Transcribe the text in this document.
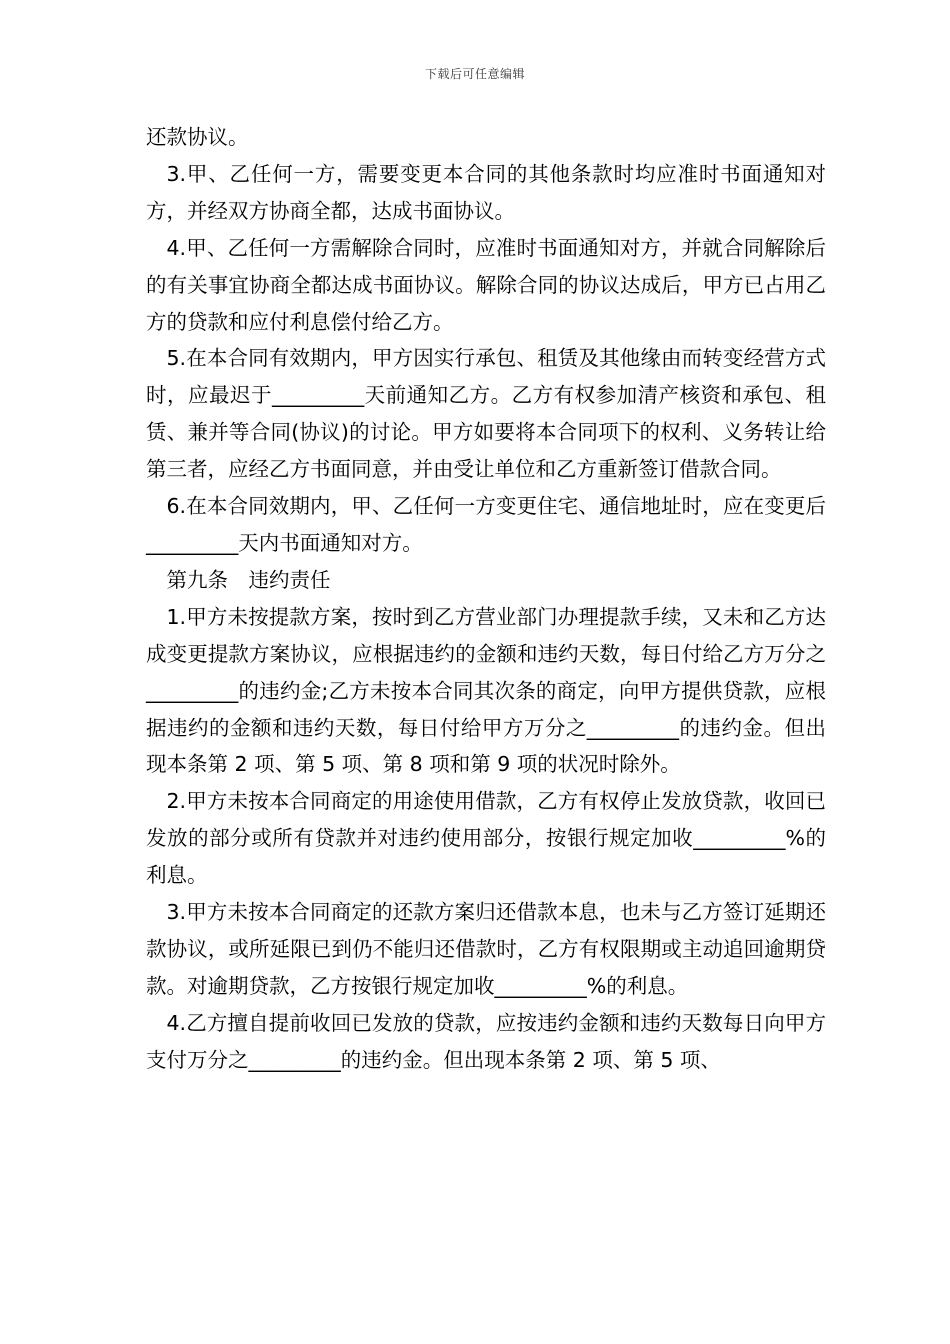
下载后可任意编辑

还款协议。

3.甲、乙任何一方，需要变更本合同的其他条款时均应准时书面通知对方，并经双方协商全都，达成书面协议。

4.甲、乙任何一方需解除合同时，应准时书面通知对方，并就合同解除后的有关事宜协商全都达成书面协议。解除合同的协议达成后，甲方已占用乙方的贷款和应付利息偿付给乙方。

5.在本合同有效期内，甲方因实行承包、租赁及其他缘由而转变经营方式时，应最迟于_________天前通知乙方。乙方有权参加清产核资和承包、租赁、兼并等合同(协议)的讨论。甲方如要将本合同项下的权利、义务转让给第三者，应经乙方书面同意，并由受让单位和乙方重新签订借款合同。

6.在本合同效期内，甲、乙任何一方变更住宅、通信地址时，应在变更后_________天内书面通知对方。

第九条　违约责任

1.甲方未按提款方案，按时到乙方营业部门办理提款手续，又未和乙方达成变更提款方案协议，应根据违约的金额和违约天数，每日付给乙方万分之_________的违约金;乙方未按本合同其次条的商定，向甲方提供贷款，应根据违约的金额和违约天数，每日付给甲方万分之_________的违约金。但出现本条第 2 项、第 5 项、第 8 项和第 9 项的状况时除外。

2.甲方未按本合同商定的用途使用借款，乙方有权停止发放贷款，收回已发放的部分或所有贷款并对违约使用部分，按银行规定加收_________%的利息。

3.甲方未按本合同商定的还款方案归还借款本息，也未与乙方签订延期还款协议，或所延限已到仍不能归还借款时，乙方有权限期或主动追回逾期贷款。对逾期贷款，乙方按银行规定加收_________%的利息。

4.乙方擅自提前收回已发放的贷款，应按违约金额和违约天数每日向甲方支付万分之_________的违约金。但出现本条第 2 项、第 5 项、
